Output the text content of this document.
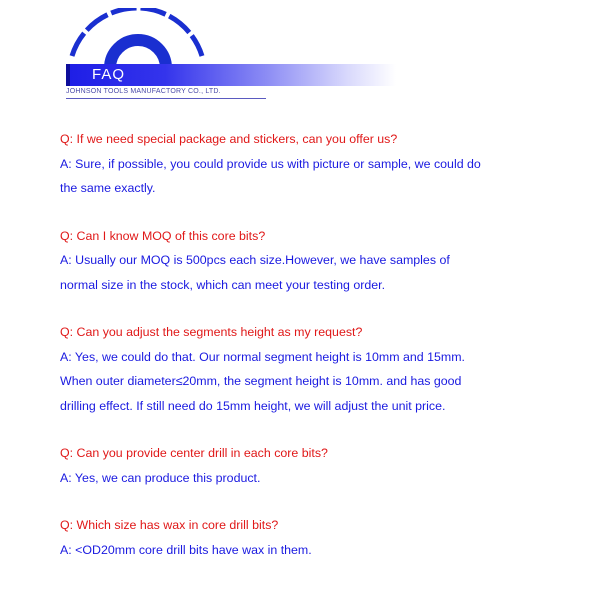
FAQ
JOHNSON TOOLS MANUFACTORY CO., LTD.
Q: If we need special package and stickers, can you offer us?
A: Sure, if possible, you could provide us with picture or sample, we could do
the same exactly.
Q: Can I know MOQ of this core bits?
A: Usually our MOQ is 500pcs each size.However, we have samples of
normal size in the stock, which can meet your testing order.
Q: Can you adjust the segments height as my request?
A: Yes, we could do that. Our normal segment height is 10mm and 15mm.
When outer diameter≤20mm, the segment height is 10mm. and has good
drilling effect. If still need do 15mm height, we will adjust the unit price.
Q: Can you provide center drill in each core bits?
A: Yes, we can produce this product.
Q: Which size has wax in core drill bits?
A: <OD20mm core drill bits have wax in them.
